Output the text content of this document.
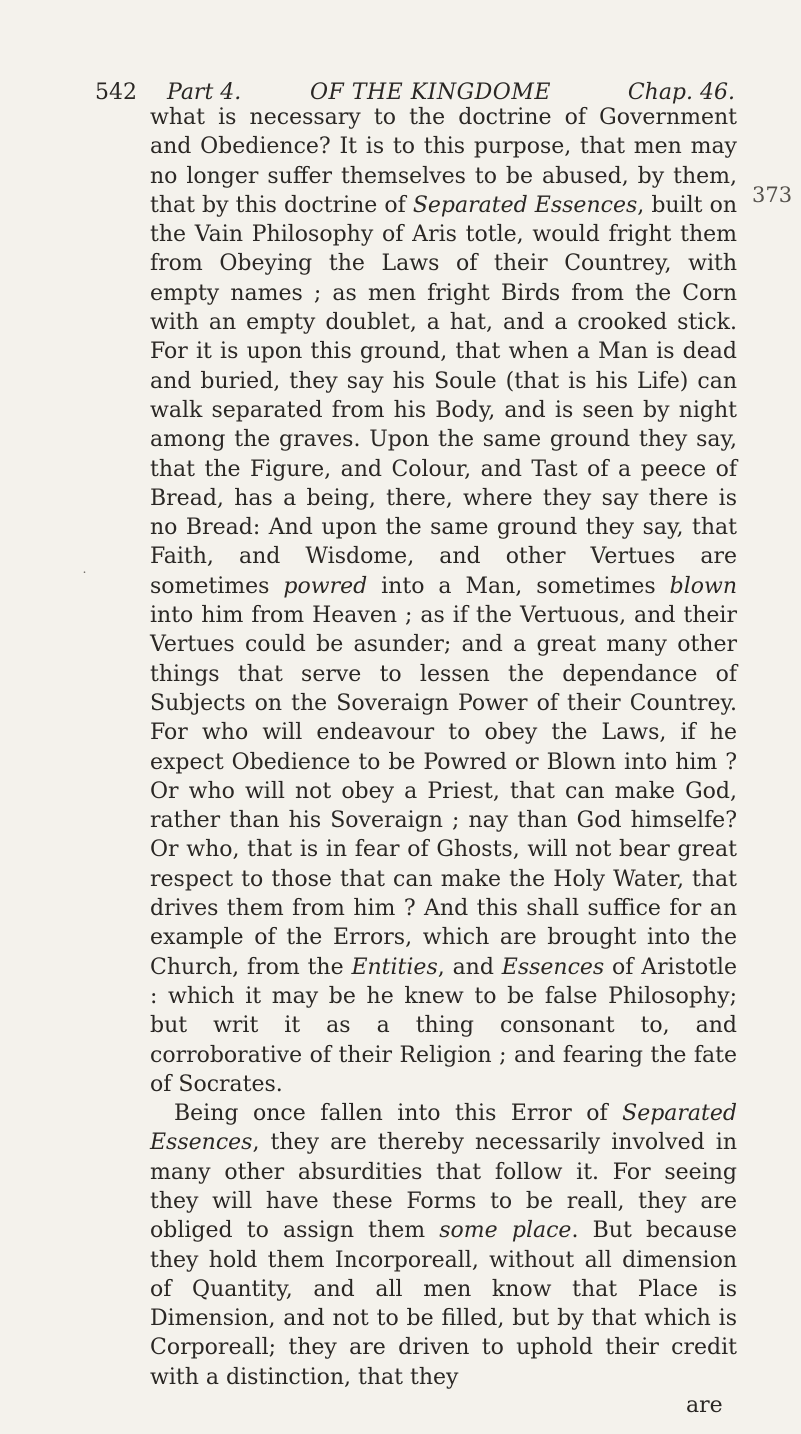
542 Part 4.	OF THE KINGDOME	Chap. 46.
373
˙

what is necessary to the doctrine of Government and Obedience? It is to this purpose, that men may no longer suffer themselves to be abused, by them, that by this doctrine of Separated Essences, built on the Vain Philosophy of Aris totle, would fright them from Obeying the Laws of their Countrey, with empty names ; as men fright Birds from the Corn with an empty doublet, a hat, and a crooked stick. For it is upon this ground, that when a Man is dead and buried, they say his Soule (that is his Life) can walk separated from his Body, and is seen by night among the graves. Upon the same ground they say, that the Figure, and Colour, and Tast of a peece of Bread, has a being, there, where they say there is no Bread: And upon the same ground they say, that Faith, and Wisdome, and other Vertues are sometimes powred into a Man, sometimes blown into him from Heaven ; as if the Vertuous, and their Vertues could be asunder; and a great many other things that serve to lessen the dependance of Subjects on the Soveraign Power of their Countrey. For who will endeavour to obey the Laws, if he expect Obedience to be Powred or Blown into him ? Or who will not obey a Priest, that can make God, rather than his Soveraign ; nay than God himselfe? Or who, that is in fear of Ghosts, will not bear great respect to those that can make the Holy Water, that drives them from him ? And this shall suffice for an example of the Errors, which are brought into the Church, from the Entities, and Essences of Aristotle : which it may be he knew to be false Philosophy; but writ it as a thing consonant to, and corroborative of their Religion ; and fearing the fate of Socrates.

Being once fallen into this Error of Separated Essences, they are thereby necessarily involved in many other absurdities that follow it. For seeing they will have these Forms to be reall, they are obliged to assign them some place. But because they hold them Incorporeall, without all dimension of Quantity, and all men know that Place is Dimension, and not to be filled, but by that which is Corporeall; they are driven to uphold their credit with a distinction, that they

are
